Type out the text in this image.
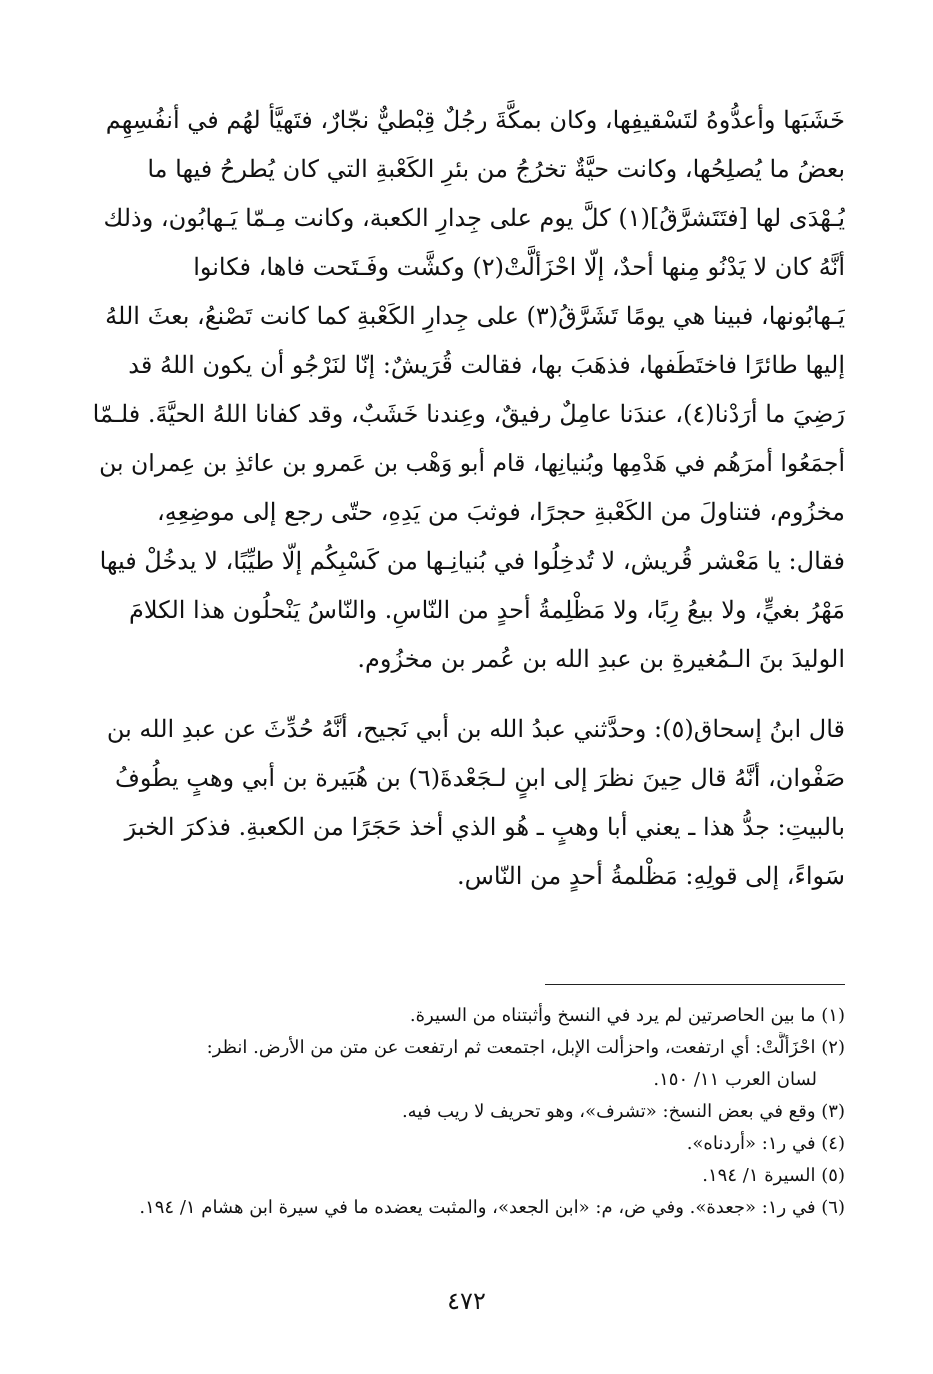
خَشَبَها وأعدُّوهُ لتَسْقيفِها، وكان بمكَّةَ رجُلٌ قِبْطيٌّ نجّارٌ، فتَهيَّأ لهُم في أنفُسِهِم
بعضُ ما يُصلِحُها، وكانت حيَّةٌ تخرُجُ من بئرِ الكَعْبةِ التي كان يُطرحُ فيها ما
يُـهْدَى لها [فتَتَشرَّقُ](١) كلَّ يوم على جِدارِ الكعبة، وكانت مِـمّا يَـهابُون، وذلك
أنَّهُ كان لا يَدْنُو مِنها أحدٌ، إلّا احْزَألَّتْ(٢) وكشَّت وفَـتَحت فاها، فكانوا
يَـهابُونها، فبينا هي يومًا تَشَرَّقُ(٣) على جِدارِ الكَعْبةِ كما كانت تَصْنعُ، بعثَ اللهُ
إليها طائرًا فاختَطَفها، فذهَبَ بها، فقالت قُرَيشٌ: إنّا لنَرْجُو أن يكون اللهُ قد
رَضِيَ ما أرَدْنا(٤)، عندَنا عامِلٌ رفيقٌ، وعِندنا خَشَبٌ، وقد كفانا اللهُ الحيَّةَ. فلـمّا
أجمَعُوا أمرَهُم في هَدْمِها وبُنيانِها، قام أبو وَهْب بن عَمرو بن عائذِ بن عِمران بن
مخزُوم، فتناولَ من الكَعْبةِ حجرًا، فوثبَ من يَدِهِ، حتّى رجع إلى موضِعِهِ،
فقال: يا مَعْشر قُريش، لا تُدخِلُوا في بُنيانِـها من كَسْبِكُم إلّا طيِّبًا، لا يدخُلْ فيها
مَهْرُ بغيٍّ، ولا بيعُ رِبًا، ولا مَظْلِمةُ أحدٍ من النّاسِ. والنّاسُ يَنْحلُون هذا الكلامَ
الوليدَ بنَ الـمُغيرةِ بن عبدِ الله بن عُمر بن مخزُوم.
قال ابنُ إسحاق(٥): وحدَّثني عبدُ الله بن أبي نَجيح، أنَّهُ حُدِّثَ عن عبدِ الله بن
صَفْوان، أنَّهُ قال حِينَ نظرَ إلى ابنٍ لـجَعْدةَ(٦) بن هُبَيرة بن أبي وهبٍ يطُوفُ
بالبيتِ: جدُّ هذا ـ يعني أبا وهبٍ ـ هُو الذي أخذ حَجَرًا من الكعبةِ. فذكرَ الخبرَ
سَواءً، إلى قولِهِ: مَظْلمةُ أحدٍ من النّاس.
(١) ما بين الحاصرتين لم يرد في النسخ وأثبتناه من السيرة.
(٢) احْزَألَّتْ: أي ارتفعت، واحزألت الإبل، اجتمعت ثم ارتفعت عن متن من الأرض. انظر:
لسان العرب ١١/ ١٥٠.
(٣) وقع في بعض النسخ: «تشرف»، وهو تحريف لا ريب فيه.
(٤) في ر١: «أردناه».
(٥) السيرة ١/ ١٩٤.
(٦) في ر١: «جعدة». وفي ض، م: «ابن الجعد»، والمثبت يعضده ما في سيرة ابن هشام ١/ ١٩٤.
٤٧٢
